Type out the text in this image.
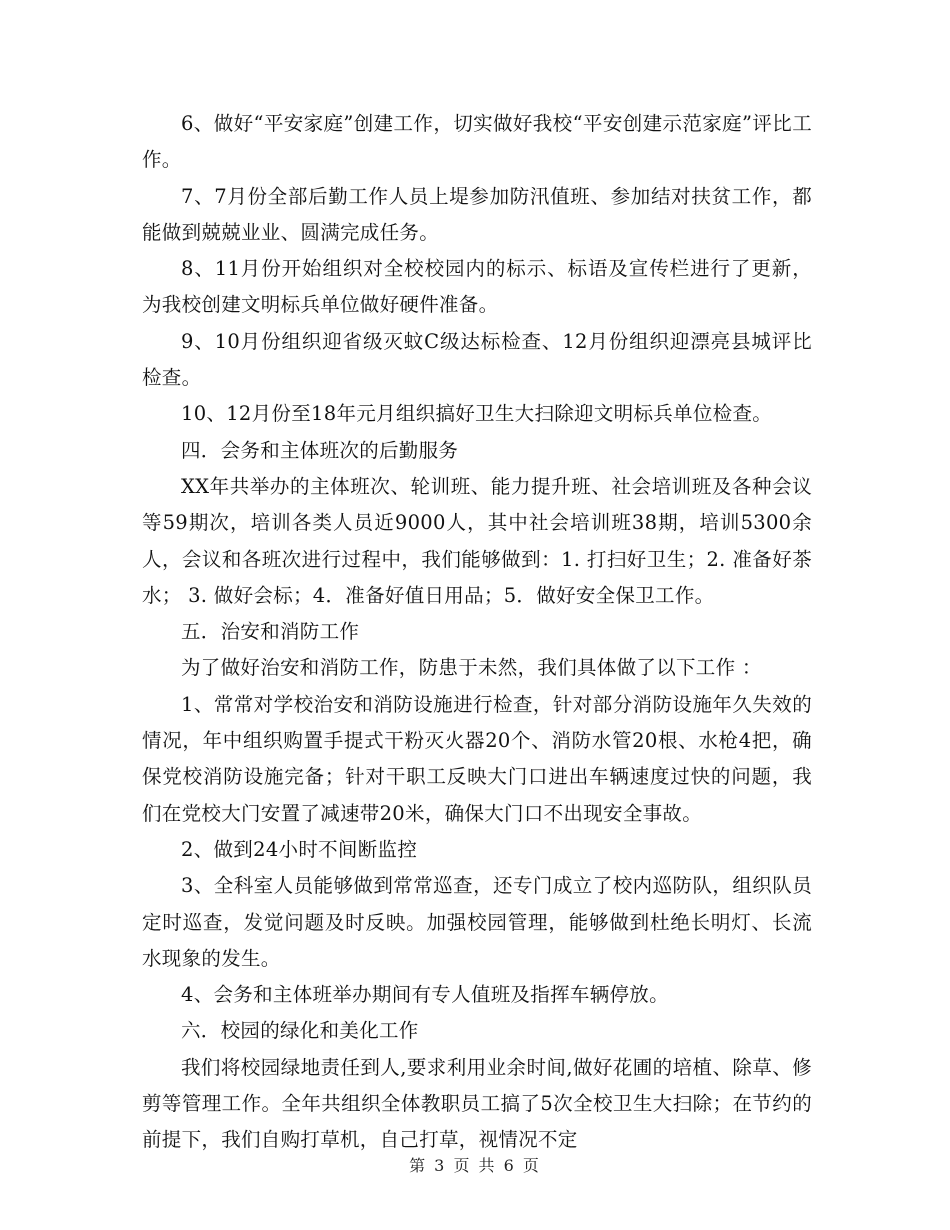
6、做好“平安家庭”创建工作，切实做好我校“平安创建示范家庭”评比工作。

7、7月份全部后勤工作人员上堤参加防汛值班、参加结对扶贫工作，都能做到兢兢业业、圆满完成任务。

8、11月份开始组织对全校校园内的标示、标语及宣传栏进行了更新，为我校创建文明标兵单位做好硬件准备。

9、10月份组织迎省级灭蚊C级达标检查、12月份组织迎漂亮县城评比检查。

10、12月份至18年元月组织搞好卫生大扫除迎文明标兵单位检查。

四．会务和主体班次的后勤服务

XX年共举办的主体班次、轮训班、能力提升班、社会培训班及各种会议等59期次，培训各类人员近9000人，其中社会培训班38期，培训5300余人，会议和各班次进行过程中，我们能够做到：1. 打扫好卫生；2. 准备好茶水； 3. 做好会标；4．准备好值日用品；5．做好安全保卫工作。

五．治安和消防工作

为了做好治安和消防工作，防患于未然，我们具体做了以下工作 ：

1、常常对学校治安和消防设施进行检查，针对部分消防设施年久失效的情况，年中组织购置手提式干粉灭火器20个、消防水管20根、水枪4把，确保党校消防设施完备；针对干职工反映大门口进出车辆速度过快的问题，我们在党校大门安置了减速带20米，确保大门口不出现安全事故。

2、做到24小时不间断监控

3、全科室人员能够做到常常巡查，还专门成立了校内巡防队，组织队员定时巡查，发觉问题及时反映。加强校园管理，能够做到杜绝长明灯、长流水现象的发生。

4、会务和主体班举办期间有专人值班及指挥车辆停放。

六．校园的绿化和美化工作

我们将校园绿地责任到人,要求利用业余时间,做好花圃的培植、除草、修剪等管理工作。全年共组织全体教职员工搞了5次全校卫生大扫除；在节约的前提下，我们自购打草机，自己打草，视情况不定

第 3 页 共 6 页
